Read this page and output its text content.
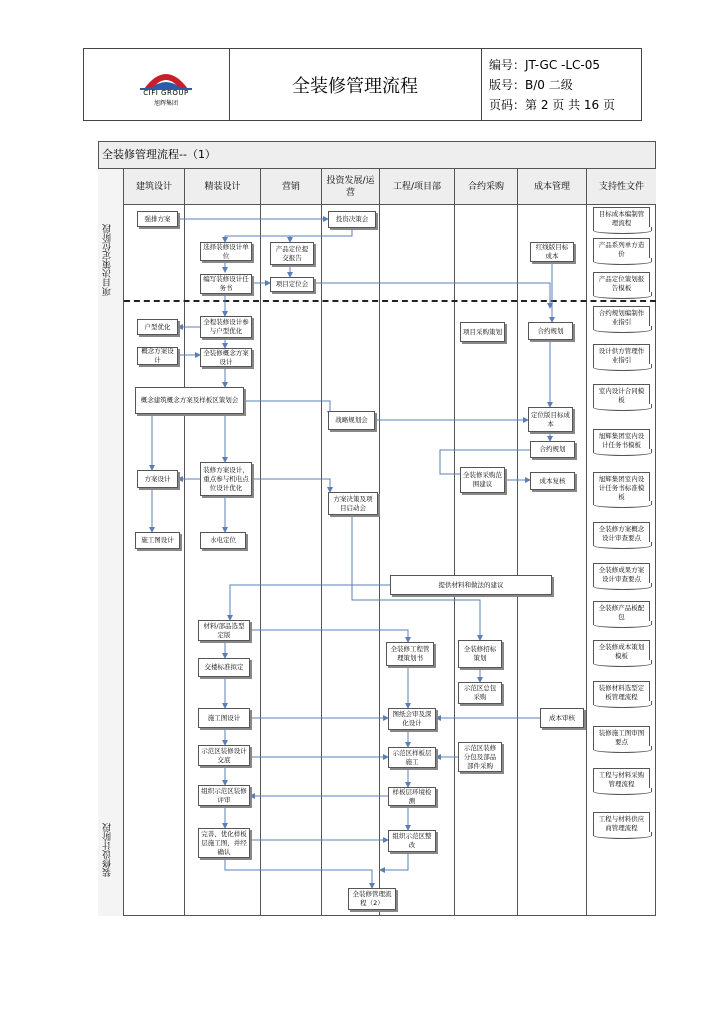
CIFI GROUP
旭辉集团
全装修管理流程
编号：JT-GC -LC-05
版号：B/0 二级
页码：第 2 页 共 16 页
全装修管理流程--（1）
项目决策定位阶段
装修设计阶段
建筑设计	精装设计	营销
投资发展/运营
工程/项目部	合约采购	成本管理	支持性文件
强排方案	投资决策会
选择装修设计单位
产品定位提交报告
红线版目标成本
编写装修设计任务书	项目定位会
户型优化
全程装修设计参与户型优化	项目采购策划	合约规划
概念方案设计
全装修概念方案设计
概念建筑概念方案及样板区策划会
战略规划会
定位版目标成本
合约规划
方案设计
装修方案设计，重点参与机电点位设计优化
全装修采购范围建议	成本复核
方案决策及项目启动会
施工图设计	水电定位
提供材料和做法的建议
材料/部品选型定版
全装修工程管理策划书
全装修招标策划
交楼标准拟定
示范区总包采购
施工图设计	图纸会审及深化设计
成本审核
示范区装修设计交底
示范区样板层施工
示范区装修分包及部品部件采购
组织示范区装修评审
样板层环境检测
完善、优化样板层施工图，并经确认
组织示范区整改
全装修管理流程（2）
目标成本编制管理流程
产品系列单方造价
产品定位策划报告模板
合约规划编制作业指引
设计供方管理作业指引
室内设计合同模板
旭辉集团室内设计任务书模板
旭辉集团室内设计任务书标准模板
全装修方案概念设计审查要点
全装修成果方案设计审查要点
全装修产品板配包
全装修成本策划模板
装修材料选型定板管理流程
装修施工图审图要点
工程与材料采购管理流程
工程与材料供应商管理流程
